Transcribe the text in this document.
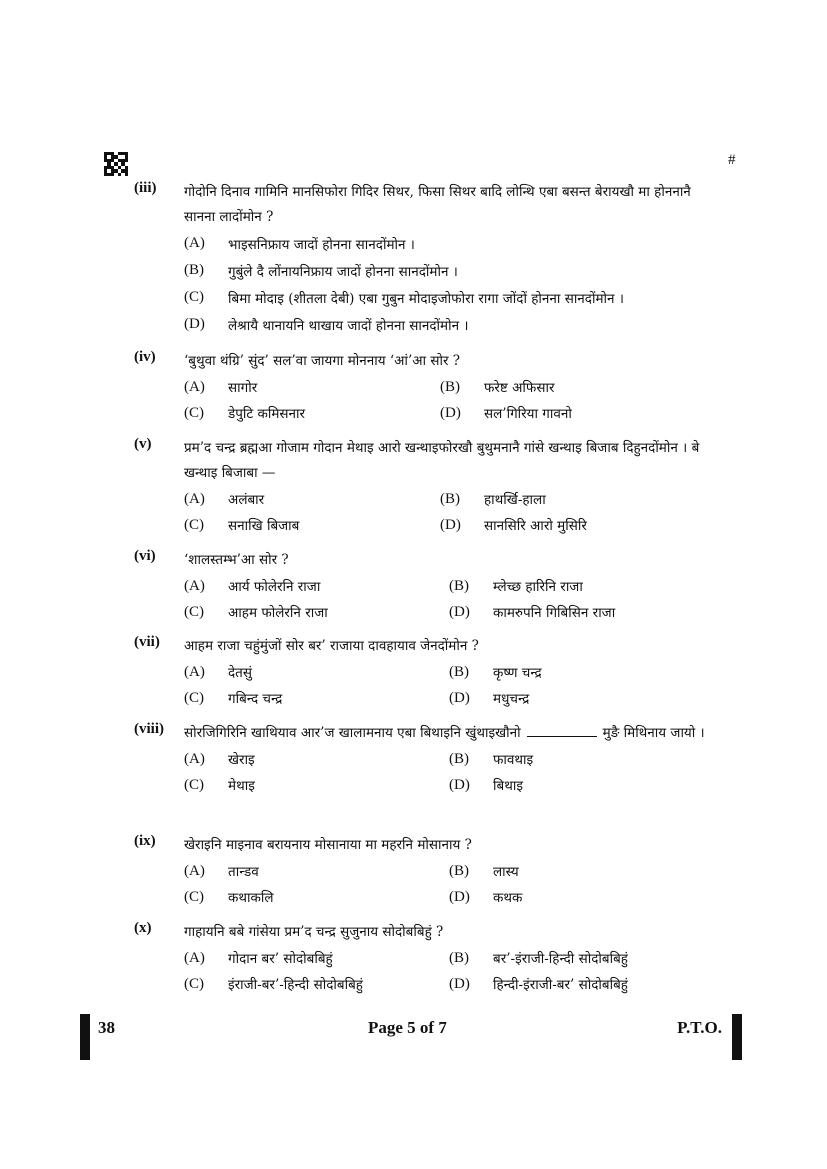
#
(iii)	गोदोनि दिनाव गामिनि मानसिफोरा गिदिर सिथर, फिसा सिथर बादि लोन्थि एबा बसन्त बेरायखौ मा होननानै सानना लादोंमोन ?
(A)	भाइसनिफ्राय जादों होनना सानदोंमोन ।
(B)	गुबुंले दै लोंनायनिफ्राय जादों होनना सानदोंमोन ।
(C)	बिमा मोदाइ (शीतला देबी) एबा गुबुन मोदाइजोफोरा रागा जोंदों होनना सानदोंमोन ।
(D)	लेश्रायै थानायनि थाखाय जादों होनना सानदोंमोन ।
(iv)	‘बुथुवा थंग्रि’ सुंद’ सल’वा जायगा मोननाय ‘आं’आ सोर ?
(A)	सागोर	(B)	फरेष्ट अफिसार
(C)	डेपुटि कमिसनार	(D)	सल’गिरिया गावनो
(v)	प्रम’द चन्द्र ब्रह्मआ गोजाम गोदान मेथाइ आरो खन्थाइफोरखौ बुथुमनानै गांसे खन्थाइ बिजाब दिहुनदोंमोन । बे खन्थाइ बिजाबा —
(A)	अलंबार	(B)	हाथर्खि-हाला
(C)	सनाखि बिजाब	(D)	सानसिरि आरो मुसिरि
(vi)	‘शालस्तम्भ’आ सोर ?
(A)	आर्य फोलेरनि राजा	(B)	म्लेच्छ हारिनि राजा
(C)	आहम फोलेरनि राजा	(D)	कामरुपनि गिबिसिन राजा
(vii)	आहम राजा चहुंमुंजों सोर बर’ राजाया दावहायाव जेनदोंमोन ?
(A)	देतसुं	(B)	कृष्ण चन्द्र
(C)	गबिन्द चन्द्र	(D)	मधुचन्द्र
(viii)	सोरजिगिरिनि खाथियाव आर’ज खालामनाय एबा बिथाइनि खुंथाइखौनो	मुङै मिथिनाय जायो ।
(A)	खेराइ	(B)	फावथाइ
(C)	मेथाइ	(D)	बिथाइ
(ix)	खेराइनि माइनाव बरायनाय मोसानाया मा महरनि मोसानाय ?
(A)	तान्डव	(B)	लास्य
(C)	कथाकलि	(D)	कथक
(x)	गाहायनि बबे गांसेया प्रम’द चन्द्र सुजुनाय सोदोबबिहुं ?
(A)	गोदान बर’ सोदोबबिहुं	(B)	बर’-इंराजी-हिन्दी सोदोबबिहुं
(C)	इंराजी-बर’-हिन्दी सोदोबबिहुं	(D)	हिन्दी-इंराजी-बर’ सोदोबबिहुं
38	Page 5 of 7	P.T.O.
